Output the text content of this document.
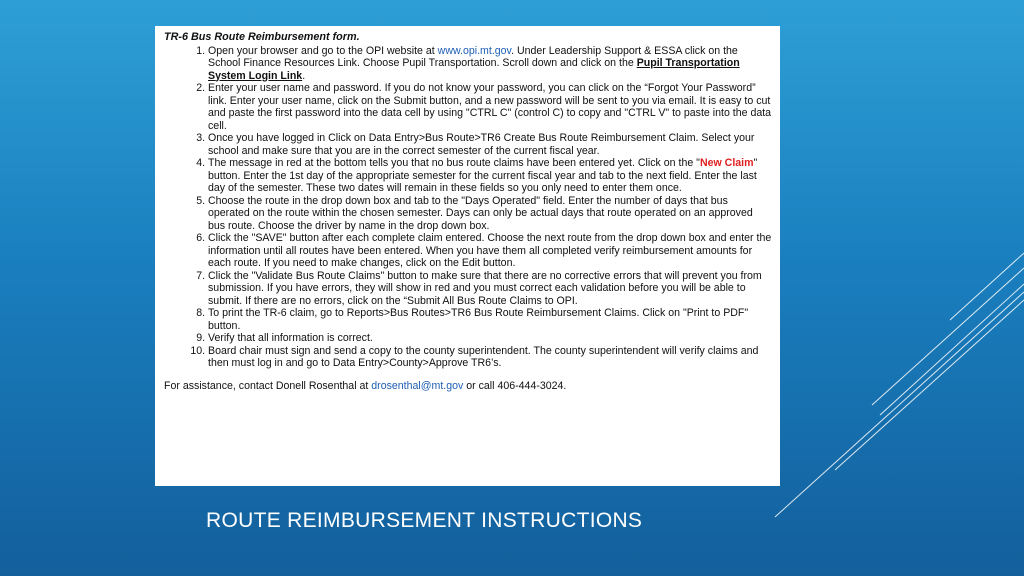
TR-6 Bus Route Reimbursement form.
1. Open your browser and go to the OPI website at www.opi.mt.gov. Under Leadership Support & ESSA click on the School Finance Resources Link. Choose Pupil Transportation. Scroll down and click on the Pupil Transportation System Login Link.
2. Enter your user name and password. If you do not know your password, you can click on the “Forgot Your Password” link. Enter your user name, click on the Submit button, and a new password will be sent to you via email. It is easy to cut and paste the first password into the data cell by using "CTRL C" (control C) to copy and "CTRL V" to paste into the data cell.
3. Once you have logged in Click on Data Entry>Bus Route>TR6 Create Bus Route Reimbursement Claim. Select your school and make sure that you are in the correct semester of the current fiscal year.
4. The message in red at the bottom tells you that no bus route claims have been entered yet. Click on the "New Claim" button. Enter the 1st day of the appropriate semester for the current fiscal year and tab to the next field. Enter the last day of the semester. These two dates will remain in these fields so you only need to enter them once.
5. Choose the route in the drop down box and tab to the "Days Operated" field. Enter the number of days that bus operated on the route within the chosen semester. Days can only be actual days that route operated on an approved bus route. Choose the driver by name in the drop down box.
6. Click the "SAVE" button after each complete claim entered. Choose the next route from the drop down box and enter the information until all routes have been entered. When you have them all completed verify reimbursement amounts for each route. If you need to make changes, click on the Edit button.
7. Click the "Validate Bus Route Claims" button to make sure that there are no corrective errors that will prevent you from submission. If you have errors, they will show in red and you must correct each validation before you will be able to submit. If there are no errors, click on the “Submit All Bus Route Claims to OPI.
8. To print the TR-6 claim, go to Reports>Bus Routes>TR6 Bus Route Reimbursement Claims. Click on "Print to PDF" button.
9. Verify that all information is correct.
10. Board chair must sign and send a copy to the county superintendent. The county superintendent will verify claims and then must log in and go to Data Entry>County>Approve TR6’s.
For assistance, contact Donell Rosenthal at drosenthal@mt.gov or call 406-444-3024.
ROUTE REIMBURSEMENT INSTRUCTIONS
